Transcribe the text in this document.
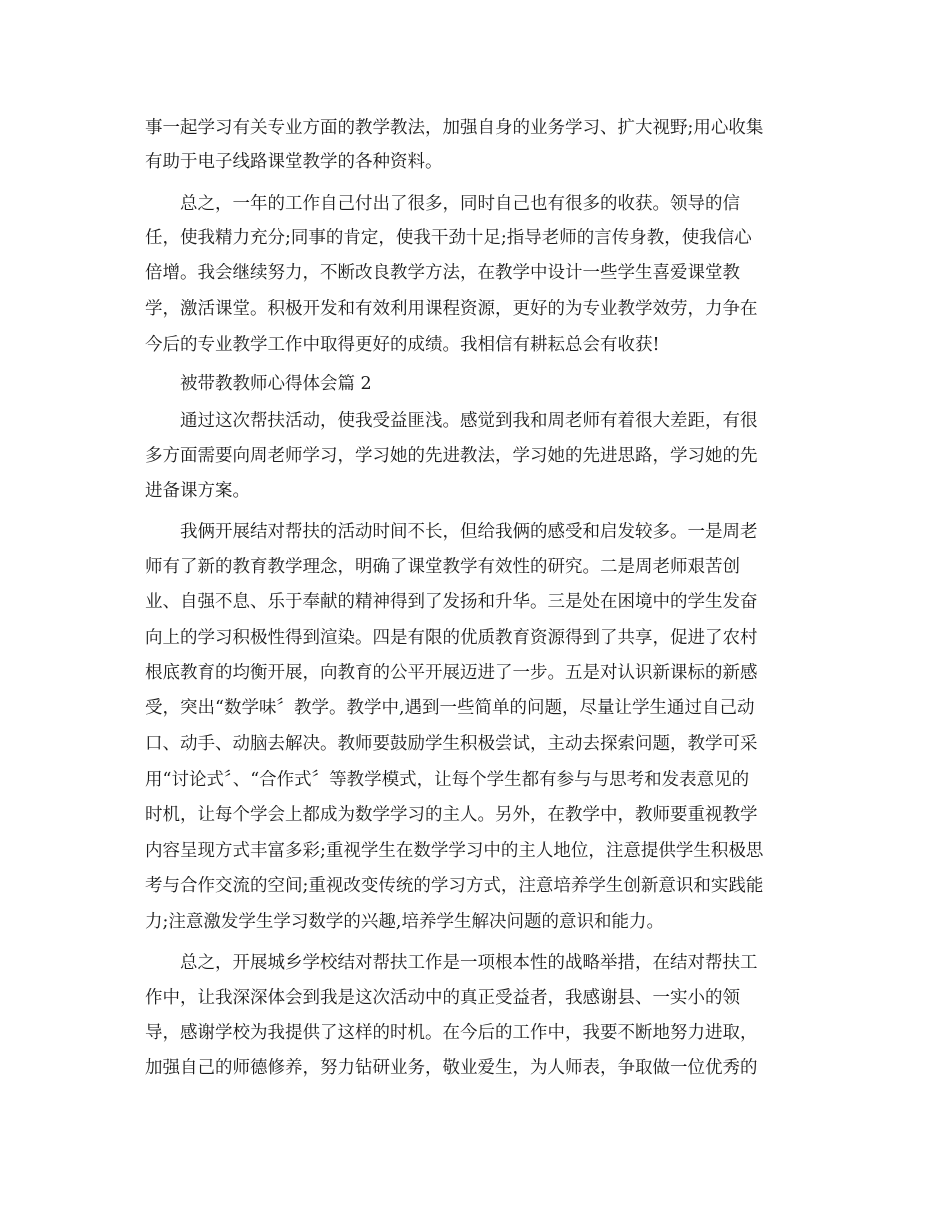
事一起学习有关专业方面的教学教法，加强自身的业务学习、扩大视野;用心收集

有助于电子线路课堂教学的各种资料。

总之，一年的工作自己付出了很多，同时自己也有很多的收获。领导的信

任，使我精力充分;同事的肯定，使我干劲十足;指导老师的言传身教，使我信心

倍增。我会继续努力，不断改良教学方法，在教学中设计一些学生喜爱课堂教

学，激活课堂。积极开发和有效利用课程资源，更好的为专业教学效劳，力争在

今后的专业教学工作中取得更好的成绩。我相信有耕耘总会有收获!

被带教教师心得体会篇 2

通过这次帮扶活动，使我受益匪浅。感觉到我和周老师有着很大差距，有很

多方面需要向周老师学习，学习她的先进教法，学习她的先进思路，学习她的先

进备课方案。

我俩开展结对帮扶的活动时间不长，但给我俩的感受和启发较多。一是周老

师有了新的教育教学理念，明确了课堂教学有效性的研究。二是周老师艰苦创

业、自强不息、乐于奉献的精神得到了发扬和升华。三是处在困境中的学生发奋

向上的学习积极性得到渲染。四是有限的优质教育资源得到了共享，促进了农村

根底教育的均衡开展，向教育的公平开展迈进了一步。五是对认识新课标的新感

受，突出“数学味〞教学。教学中,遇到一些简单的问题，尽量让学生通过自己动

口、动手、动脑去解决。教师要鼓励学生积极尝试，主动去探索问题，教学可采

用“讨论式〞、“合作式〞等教学模式，让每个学生都有参与与思考和发表意见的

时机，让每个学会上都成为数学学习的主人。另外，在教学中，教师要重视教学

内容呈现方式丰富多彩;重视学生在数学学习中的主人地位，注意提供学生积极思

考与合作交流的空间;重视改变传统的学习方式，注意培养学生创新意识和实践能

力;注意激发学生学习数学的兴趣,培养学生解决问题的意识和能力。

总之，开展城乡学校结对帮扶工作是一项根本性的战略举措，在结对帮扶工

作中，让我深深体会到我是这次活动中的真正受益者，我感谢县、一实小的领

导，感谢学校为我提供了这样的时机。在今后的工作中，我要不断地努力进取，

加强自己的师德修养，努力钻研业务，敬业爱生，为人师表，争取做一位优秀的
